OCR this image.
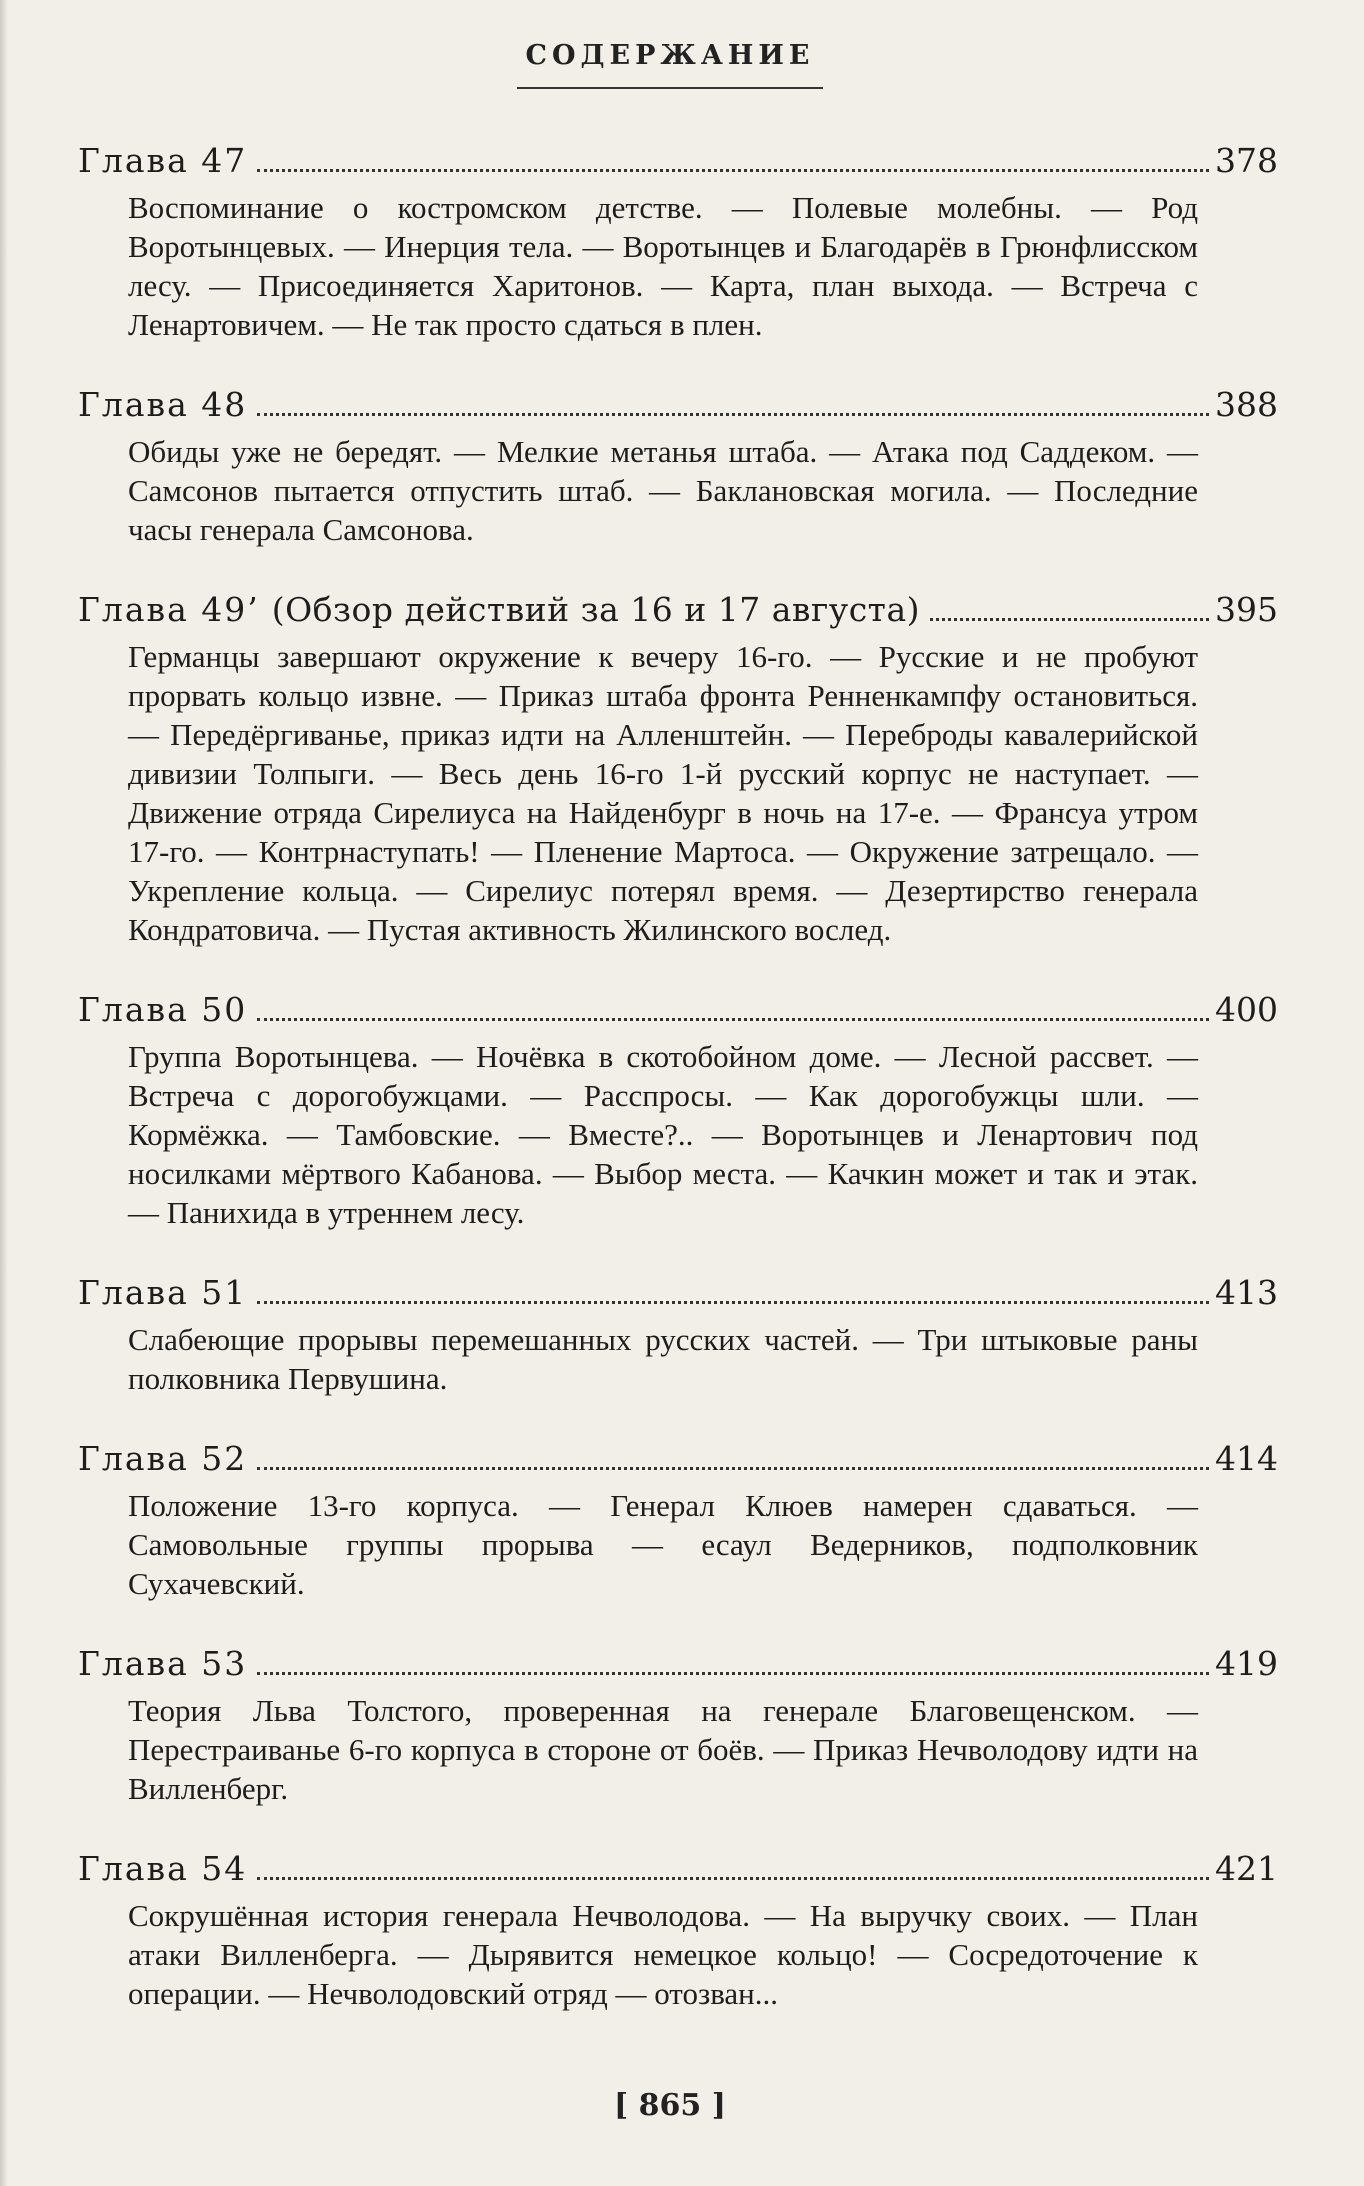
СОДЕРЖАНИЕ
Глава 47	378
Воспоминание о костромском детстве. — Полевые молебны. — Род Воротынцевых. — Инерция тела. — Воротынцев и Благодарёв в Грюнфлисском лесу. — Присоединяется Харитонов. — Карта, план выхода. — Встреча с Ленартовичем. — Не так просто сдаться в плен.
Глава 48	388
Обиды уже не бередят. — Мелкие метанья штаба. — Атака под Саддеком. — Самсонов пытается отпустить штаб. — Баклановская могила. — Последние часы генерала Самсонова.
Глава 49’ (Обзор действий за 16 и 17 августа)	395
Германцы завершают окружение к вечеру 16-го. — Русские и не пробуют прорвать кольцо извне. — Приказ штаба фронта Ренненкампфу остановиться. — Передёргиванье, приказ идти на Алленштейн. — Переброды кавалерийской дивизии Толпыги. — Весь день 16-го 1-й русский корпус не наступает. — Движение отряда Сирелиуса на Найденбург в ночь на 17-е. — Франсуа утром 17-го. — Контрнаступать! — Пленение Мартоса. — Окружение затрещало. — Укрепление кольца. — Сирелиус потерял время. — Дезертирство генерала Кондратовича. — Пустая активность Жилинского вослед.
Глава 50	400
Группа Воротынцева. — Ночёвка в скотобойном доме. — Лесной рассвет. — Встреча с дорогобужцами. — Расспросы. — Как дорогобужцы шли. — Кормёжка. — Тамбовские. — Вместе?.. — Воротынцев и Ленартович под носилками мёртвого Кабанова. — Выбор места. — Качкин может и так и этак. — Панихида в утреннем лесу.
Глава 51	413
Слабеющие прорывы перемешанных русских частей. — Три штыковые раны полковника Первушина.
Глава 52	414
Положение 13-го корпуса. — Генерал Клюев намерен сдаваться. — Самовольные группы прорыва — есаул Ведерников, подполковник Сухачевский.
Глава 53	419
Теория Льва Толстого, проверенная на генерале Благовещенском. — Перестраиванье 6-го корпуса в стороне от боёв. — Приказ Нечволодову идти на Вилленберг.
Глава 54	421
Сокрушённая история генерала Нечволодова. — На выручку своих. — План атаки Вилленберга. — Дырявится немецкое кольцо! — Сосредоточение к операции. — Нечволодовский отряд — отозван...
[ 865 ]
